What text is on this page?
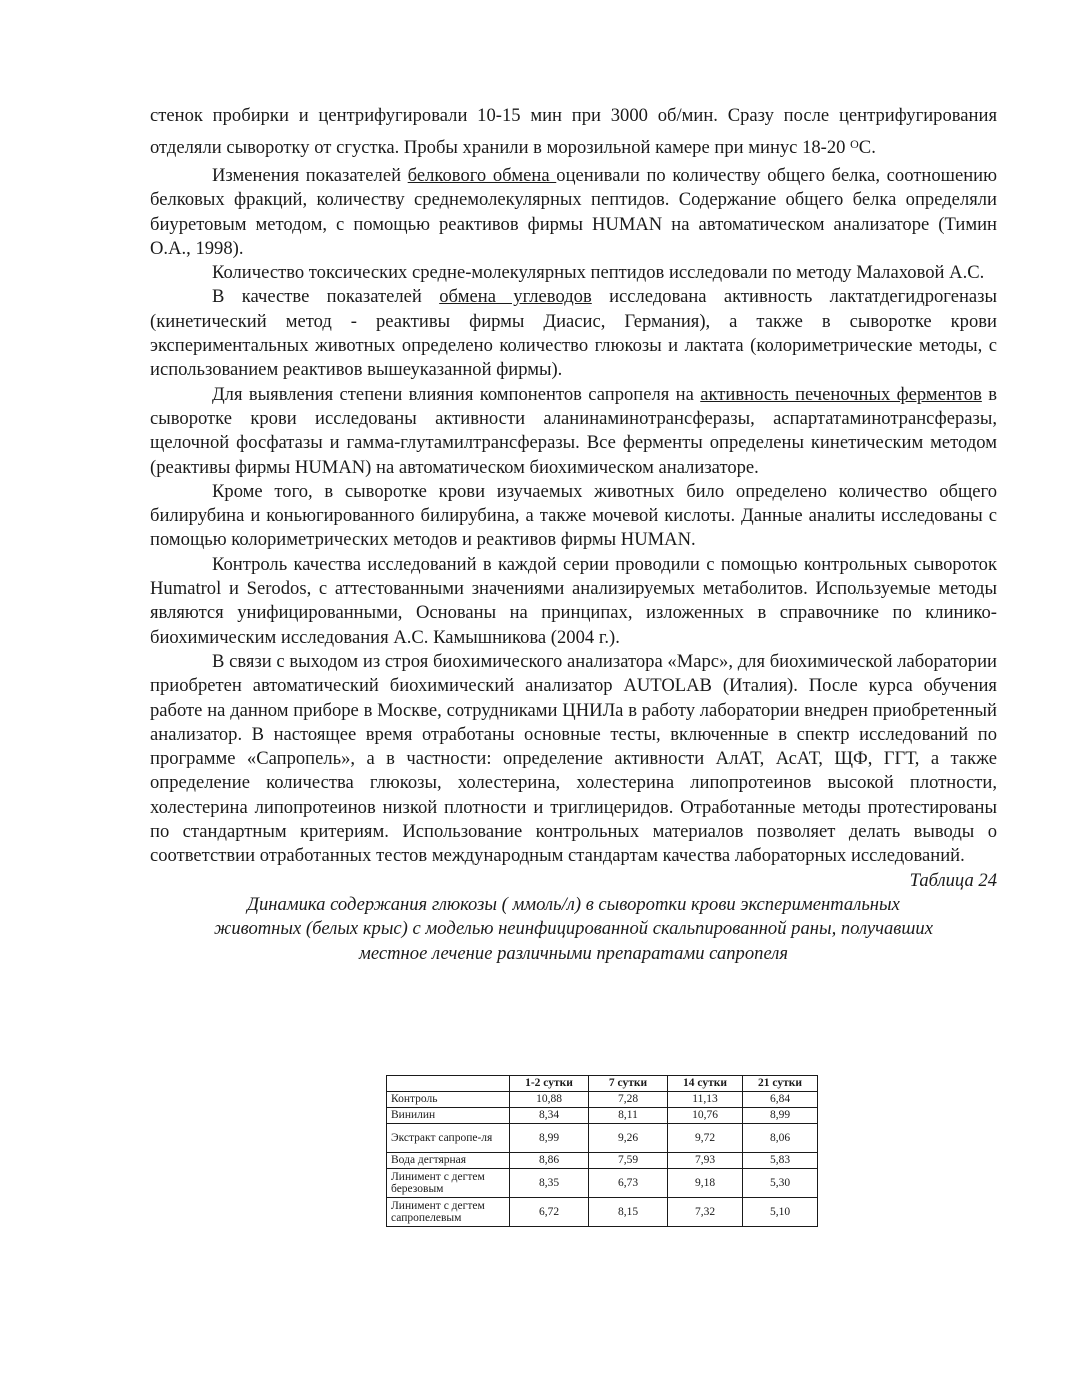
стенок пробирки и центрифугировали 10-15 мин при 3000 об/мин. Сразу после центрифугирования отделяли сыворотку от сгустка. Пробы хранили в морозильной камере при минус 18-20 $^О$С.

Изменения показателей белкового обмена оценивали по количеству общего белка, соотношению белковых фракций, количеству среднемолекулярных пептидов. Содержание общего белка определяли биуретовым методом, с помощью реактивов фирмы HUMAN на автоматическом анализаторе (Тимин О.А., 1998).

Количество токсических средне-молекулярных пептидов исследовали по методу Малаховой А.С.

В качестве показателей обмена углеводов исследована активность лактатдегидрогеназы (кинетический метод - реактивы фирмы Диасис, Германия), а также в сыворотке крови экспериментальных животных определено количество глюкозы и лактата (колориметрические методы, с использованием реактивов вышеуказанной фирмы).

Для выявления степени влияния компонентов сапропеля на активность печеночных ферментов в сыворотке крови исследованы активности аланинаминотрансферазы, аспартатаминотрансферазы, щелочной фосфатазы и гамма-глутамилтрансферазы. Все ферменты определены кинетическим методом (реактивы фирмы HUMAN) на автоматическом биохимическом анализаторе.

Кроме того, в сыворотке крови изучаемых животных било определено количество общего билирубина и коньюгированного билирубина, а также мочевой кислоты. Данные аналиты исследованы с помощью колориметрических методов и реактивов фирмы HUMAN.

Контроль качества исследований в каждой серии проводили с помощью контрольных сывороток Humatrol и Serodos, с аттестованными значениями анализируемых метаболитов. Используемые методы являются унифицированными, Основаны на принципах, изложенных в справочнике по клинико-биохимическим исследования А.С. Камышникова (2004 г.).

В связи с выходом из строя биохимического анализатора «Марс», для биохимической лаборатории приобретен автоматический биохимический анализатор AUTOLAB (Италия). После курса обучения работе на данном приборе в Москве, сотрудниками ЦНИЛа в работу лаборатории внедрен приобретенный анализатор. В настоящее время отработаны основные тесты, включенные в спектр исследований по программе «Сапропель», а в частности: определение активности АлАТ, АсАТ, ЩФ, ГГТ, а также определение количества глюкозы, холестерина, холестерина липопротеинов высокой плотности, холестерина липопротеинов низкой плотности и триглицеридов. Отработанные методы протестированы по стандартным критериям. Использование контрольных материалов позволяет делать выводы о соответствии отработанных тестов международным стандартам качества лабораторных исследований.

Таблица 24

Динамика содержания глюкозы ( ммоль/л) в сыворотки крови экспериментальных

животных (белых крыс) с моделью неинфицированной скальпированной раны, получавших

местное лечение различными препаратами сапропеля

	1-2 сутки	7 сутки	14 сутки	21 сутки
Контроль	10,88	7,28	11,13	6,84
Винилин	8,34	8,11	10,76	8,99
Экстракт сапропе-ля	8,99	9,26	9,72	8,06
Вода дегтярная	8,86	7,59	7,93	5,83
Линимент с дегтем березовым	8,35	6,73	9,18	5,30
Линимент с дегтем сапропелевым	6,72	8,15	7,32	5,10
